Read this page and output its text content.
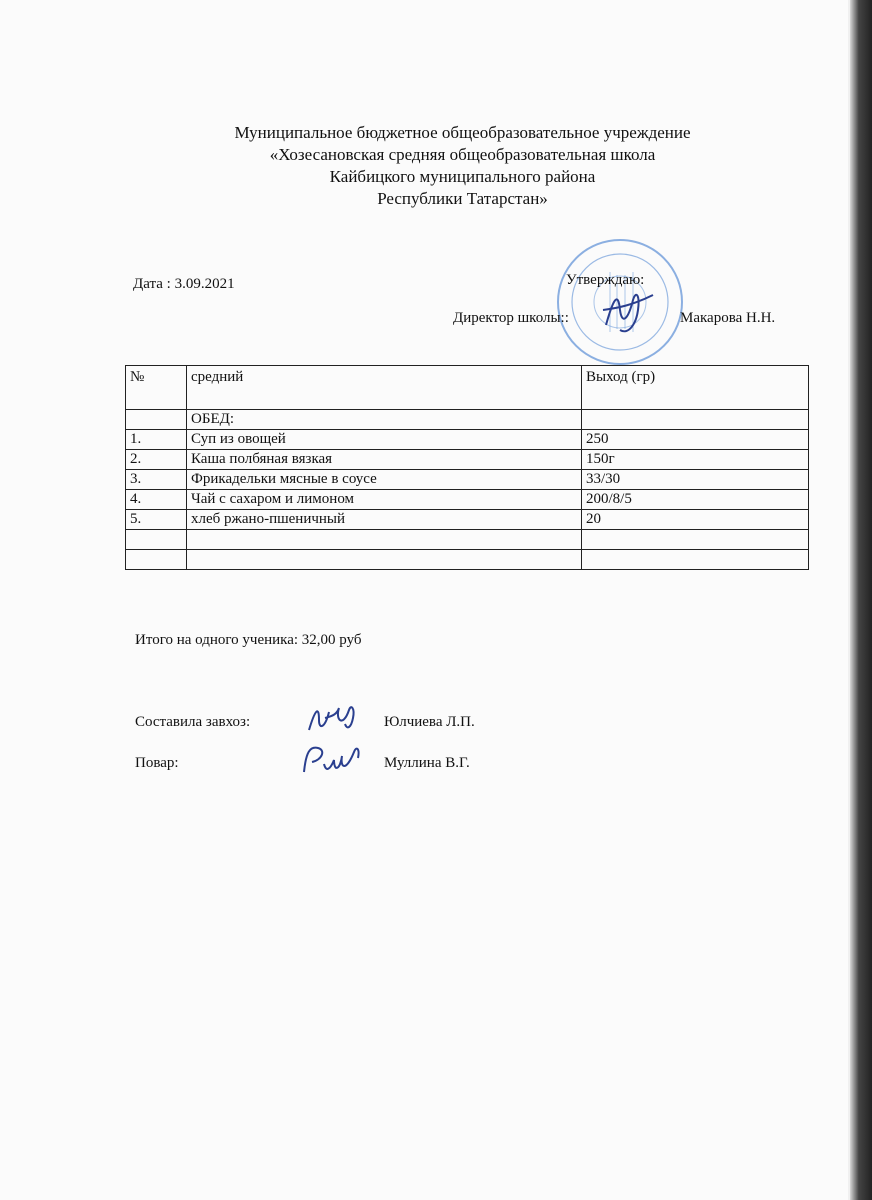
Муниципальное бюджетное общеобразовательное учреждение
«Хозесановская средняя общеобразовательная школа
Кайбицкого муниципального района
Республики Татарстан»
Дата : 3.09.2021	Утверждаю:
Директор школы::	Макарова Н.Н.
№	средний	Выход (гр)
	ОБЕД:	
1.	Суп из овощей	250
2.	Каша полбяная вязкая	150г
3.	Фрикадельки мясные в соусе	33/30
4.	Чай с сахаром и лимоном	200/8/5
5.	хлеб ржано-пшеничный	20

Итого на одного ученика: 32,00 руб
Составила завхоз:	Юлчиева Л.П.
Повар:	Муллина В.Г.
